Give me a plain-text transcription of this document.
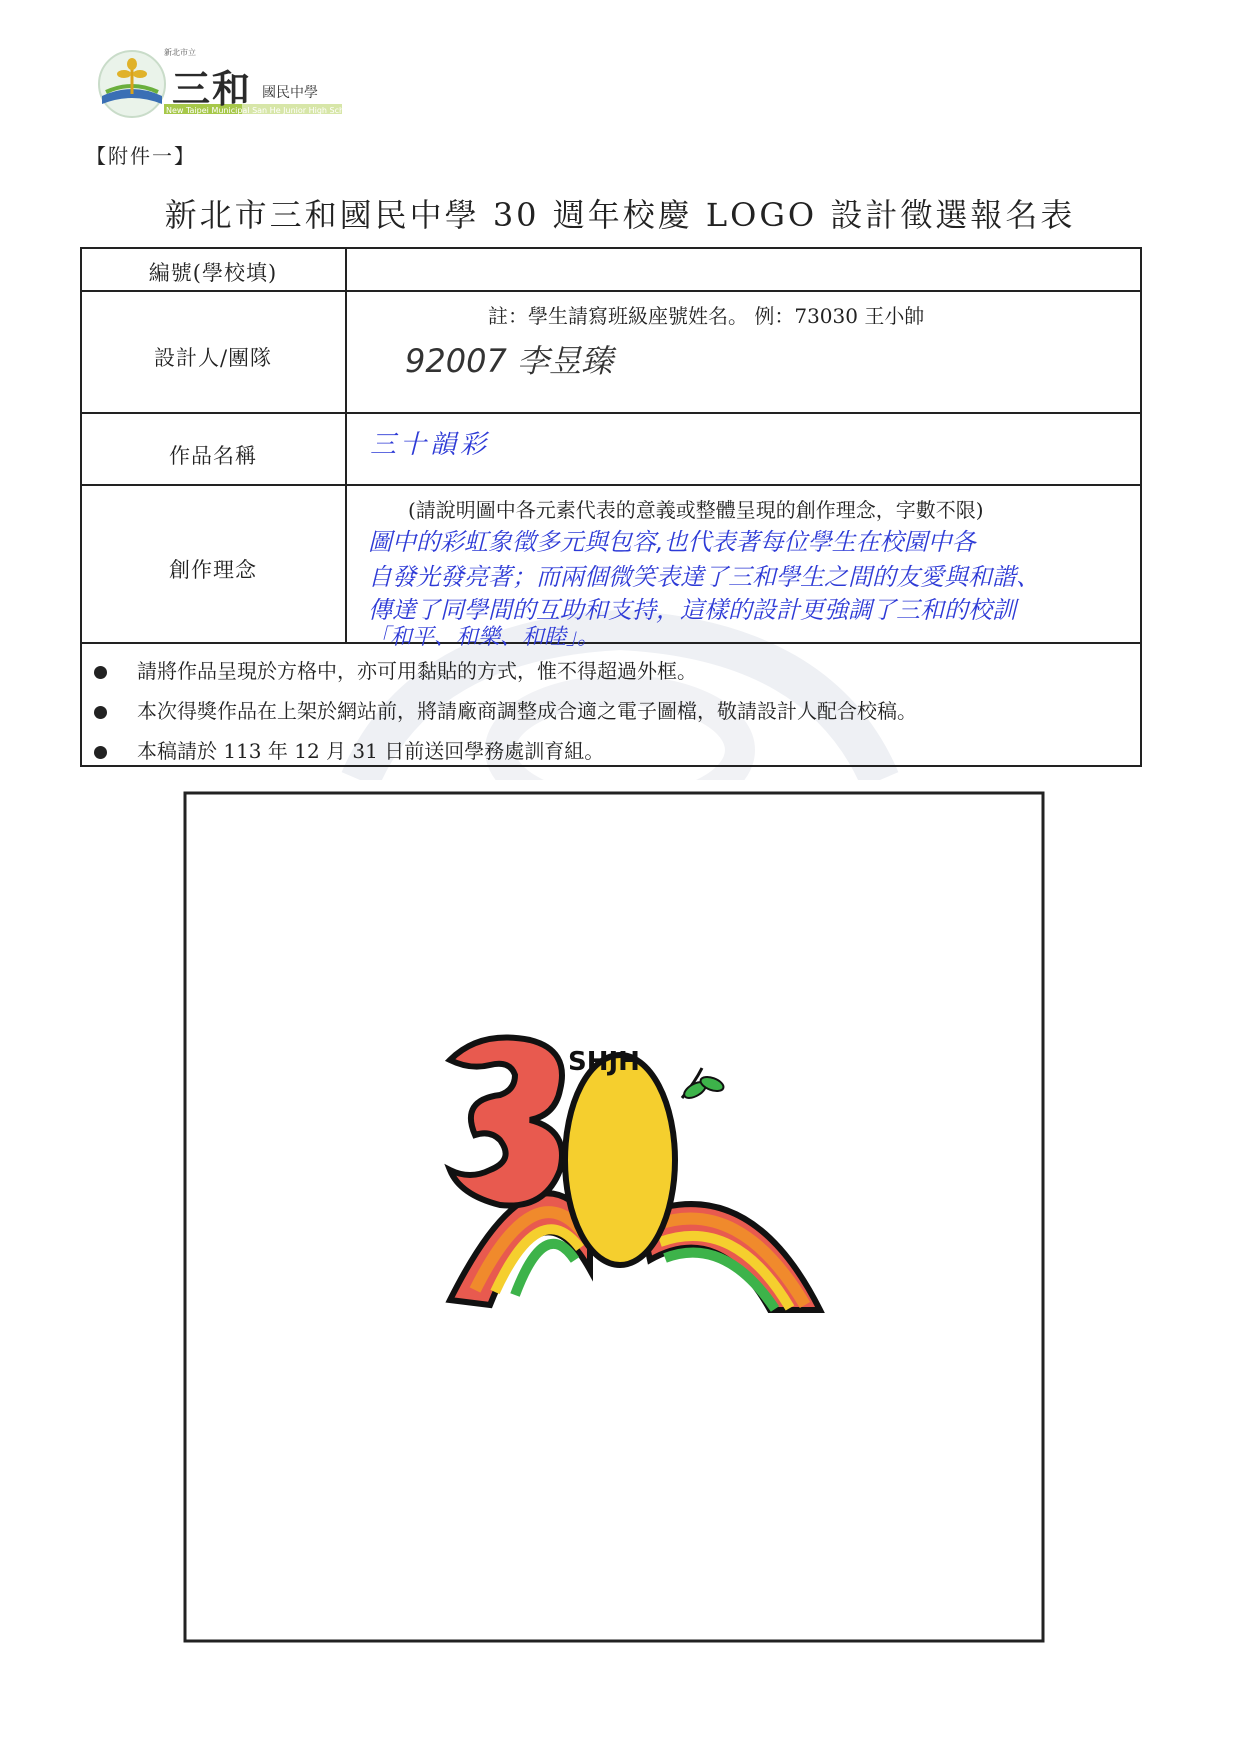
新北市立
三和 國民中學
New Taipei Municipal San He Junior High School
【附件一】
新北市三和國民中學 30 週年校慶 LOGO 設計徵選報名表
編號(學校填)
設計人/團隊
作品名稱
創作理念
註：學生請寫班級座號姓名。 例：73030 王小帥
92007 李昱臻
三十韻彩
(請說明圖中各元素代表的意義或整體呈現的創作理念，字數不限)
圖中的彩虹象徵多元與包容,也代表著每位學生在校園中各
自發光發亮著；而兩個微笑表達了三和學生之間的友愛與和諧、
傳達了同學間的互助和支持，這樣的設計更強調了三和的校訓
「和平、和樂、和睦」。
請將作品呈現於方格中，亦可用黏貼的方式，惟不得超過外框。
本次得獎作品在上架於網站前，將請廠商調整成合適之電子圖檔，敬請設計人配合校稿。
本稿請於 113 年 12 月 31 日前送回學務處訓育組。
SHJH
